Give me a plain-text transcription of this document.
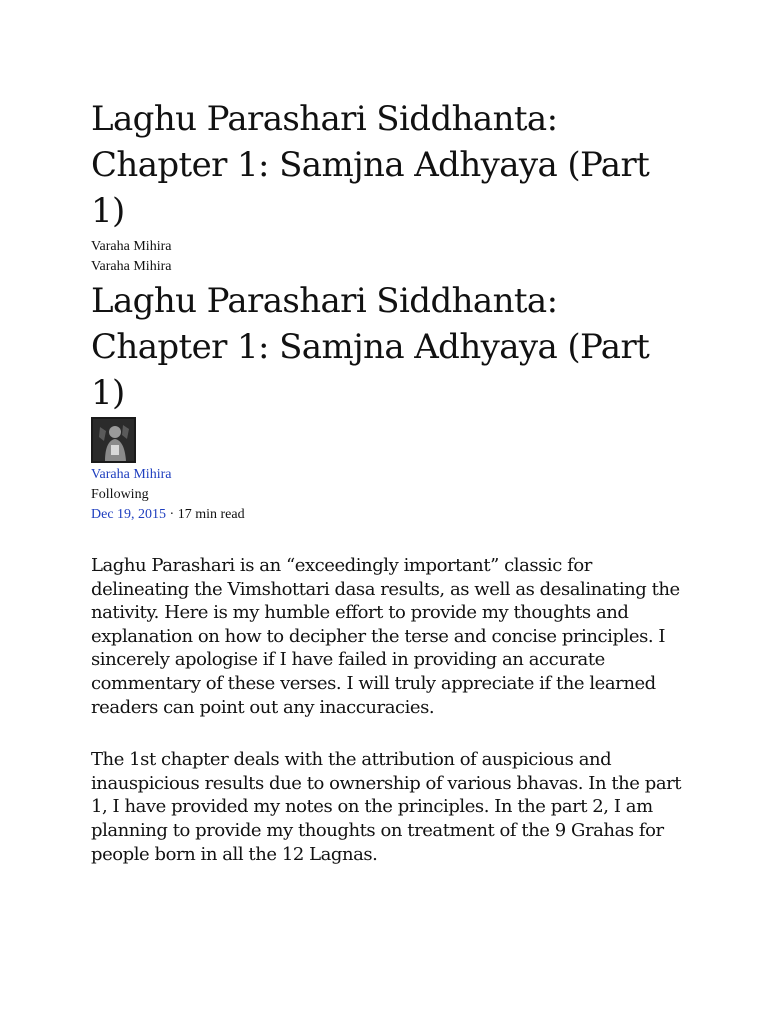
Laghu Parashari Siddhanta: Chapter 1: Samjna Adhyaya (Part 1)

Varaha Mihira

Varaha Mihira

Laghu Parashari Siddhanta: Chapter 1: Samjna Adhyaya (Part 1)

Varaha Mihira

Following

Dec 19, 2015 · 17 min read

Laghu Parashari is an “exceedingly important” classic for delineating the Vimshottari dasa results, as well as desalinating the nativity. Here is my humble effort to provide my thoughts and explanation on how to decipher the terse and concise principles. I sincerely apologise if I have failed in providing an accurate commentary of these verses. I will truly appreciate if the learned readers can point out any inaccuracies.

The 1st chapter deals with the attribution of auspicious and inauspicious results due to ownership of various bhavas. In the part 1, I have provided my notes on the principles. In the part 2, I am planning to provide my thoughts on treatment of the 9 Grahas for people born in all the 12 Lagnas.
